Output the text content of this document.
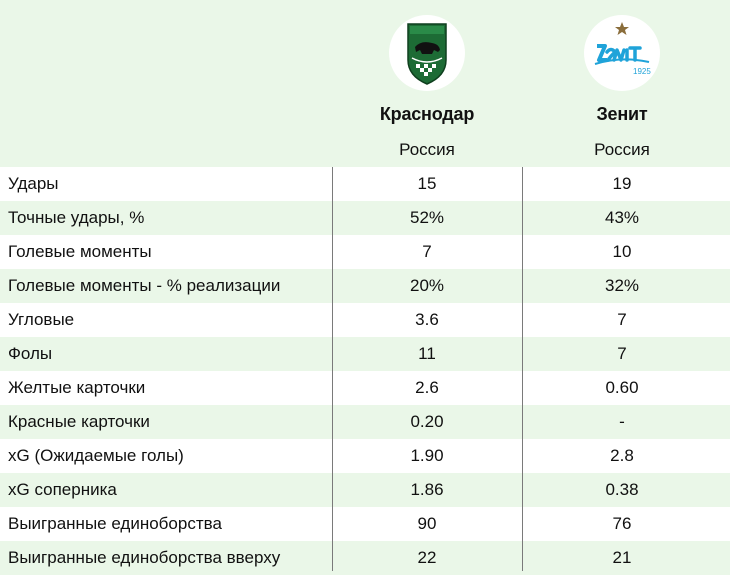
Краснодар
Россия
1925
Зенит
Россия
Удары	15	19
Точные удары, %	52%	43%
Голевые моменты	7	10
Голевые моменты - % реализации	20%	32%
Угловые	3.6	7
Фолы	11	7
Желтые карточки	2.6	0.60
Красные карточки	0.20	-
xG (Ожидаемые голы)	1.90	2.8
xG соперника	1.86	0.38
Выигранные единоборства	90	76
Выигранные единоборства вверху	22	21
